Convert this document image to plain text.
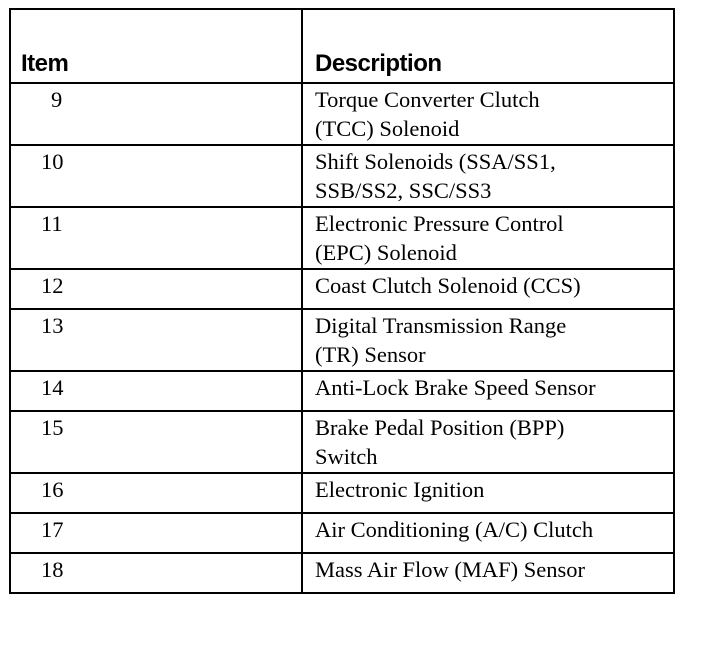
Item	Description
9	Torque Converter Clutch
(TCC) Solenoid
10	Shift Solenoids (SSA/SS1,
SSB/SS2, SSC/SS3
11	Electronic Pressure Control
(EPC) Solenoid
12	Coast Clutch Solenoid (CCS)
13	Digital Transmission Range
(TR) Sensor
14	Anti-Lock Brake Speed Sensor
15	Brake Pedal Position (BPP)
Switch
16	Electronic Ignition
17	Air Conditioning (A/C) Clutch
18	Mass Air Flow (MAF) Sensor
